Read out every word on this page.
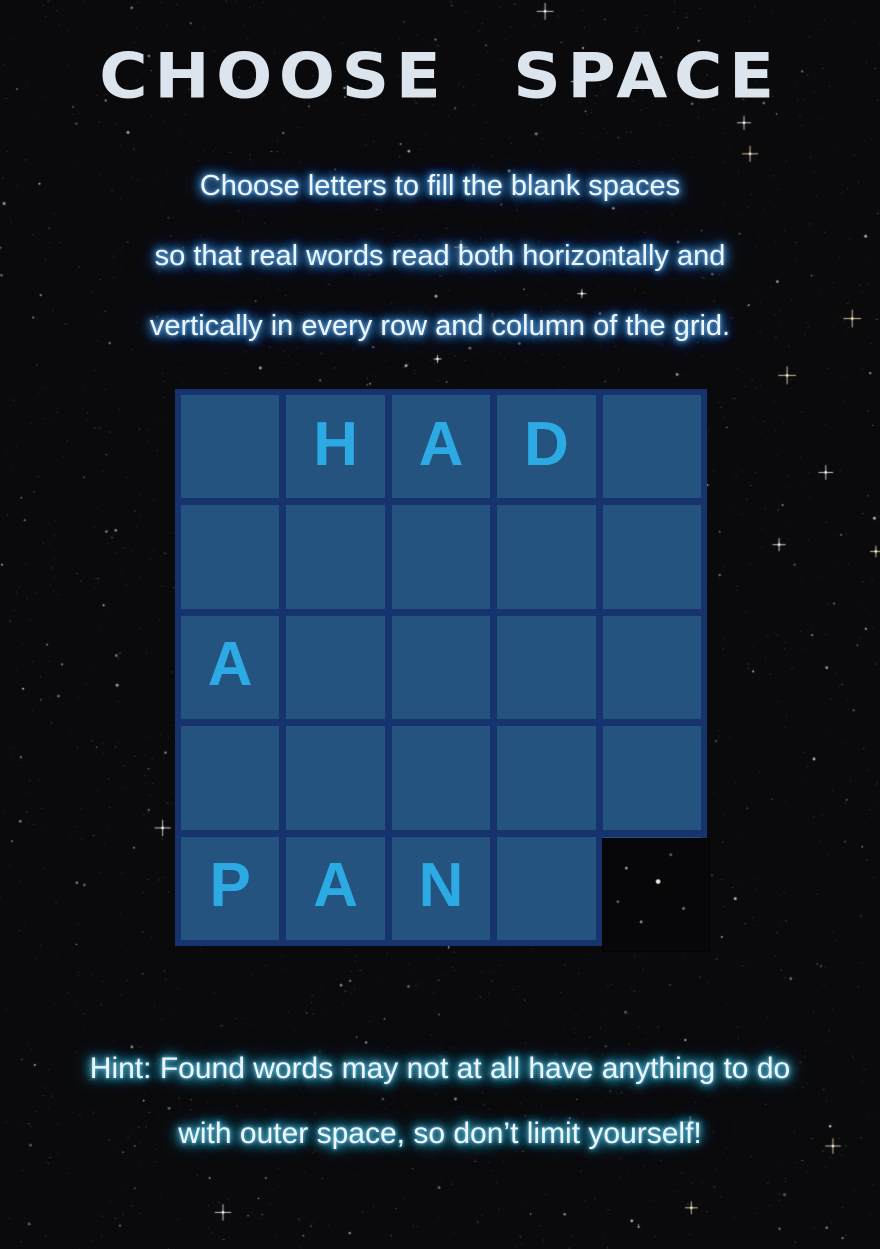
CHOOSE SPACE

Choose letters to fill the blank spaces

so that real words read both horizontally and

vertically in every row and column of the grid.

H A D
A
P	A N

Hint: Found words may not at all have anything to do

with outer space, so don’t limit yourself!
